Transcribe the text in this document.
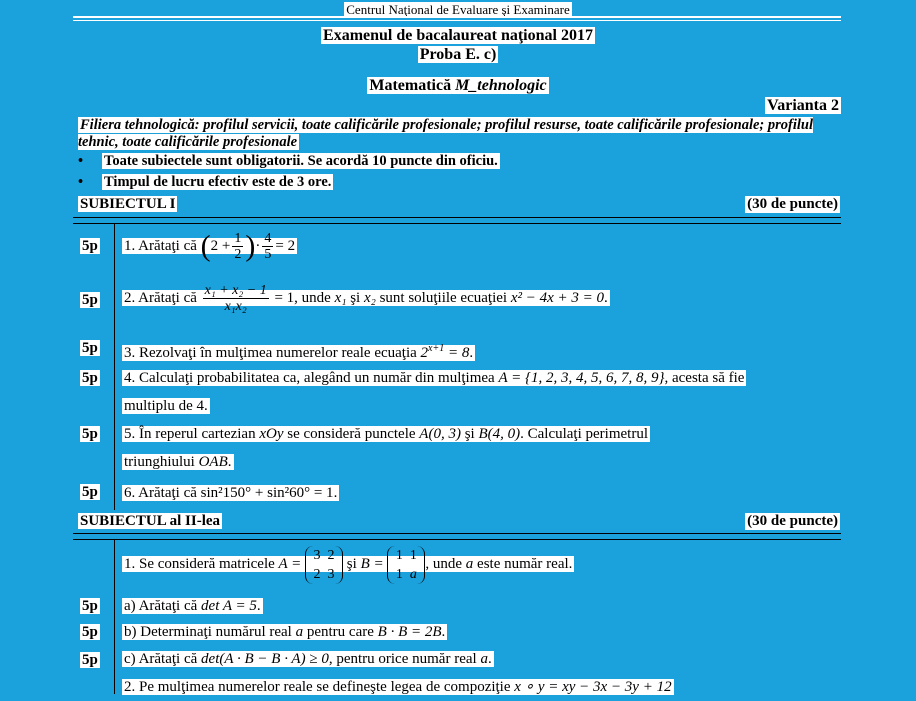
Centrul Naţional de Evaluare şi Examinare
Examenul de bacalaureat naţional 2017
Proba E. c)
Matematică M_tehnologic
Varianta 2
Filiera tehnologică: profilul servicii, toate calificările profesionale; profilul resurse, toate calificările profesionale; profilul tehnic, toate calificările profesionale
• Toate subiectele sunt obligatorii. Se acordă 10 puncte din oficiu.
• Timpul de lucru efectiv este de 3 ore.
SUBIECTUL I	(30 de puncte)
5p 1. Arătaţi că ($2 + \frac{1}{2}$ )· $\frac{4}{5} = 2$
5p 2. Arătaţi că $\frac{\text{x₁ + x₂ − 1}}{\text{x₁x₂}} = 1$, unde x₁ şi x₂ sunt soluţiile ecuaţiei x² − 4x + 3 = 0.
5p 3. Rezolvaţi în mulţimea numerelor reale ecuaţia $2^{x+1} = 8$.
5p 4. Calculaţi probabilitatea ca, alegând un număr din mulţimea A = {1, 2, 3, 4, 5, 6, 7, 8, 9}, acesta să fie
multiplu de 4.
5p 5. În reperul cartezian xOy se consideră punctele A(0, 3) şi B(4, 0). Calculaţi perimetrul
triunghiului OAB.
5p 6. Arătaţi că sin²150° + sin²60° = 1.
SUBIECTUL al II-lea	(30 de puncte)
1. Se consideră matricele A =
3 2
2 3
şi B =
1 1
1 a
, unde a este număr real.
5p a) Arătaţi că det A = 5.
5p b) Determinaţi numărul real a pentru care B · B = 2B.
5p c) Arătaţi că det(A · B − B · A) ≥ 0, pentru orice număr real a.
2. Pe mulţimea numerelor reale se defineşte legea de compoziţie x ∘ y = xy − 3x − 3y + 12
